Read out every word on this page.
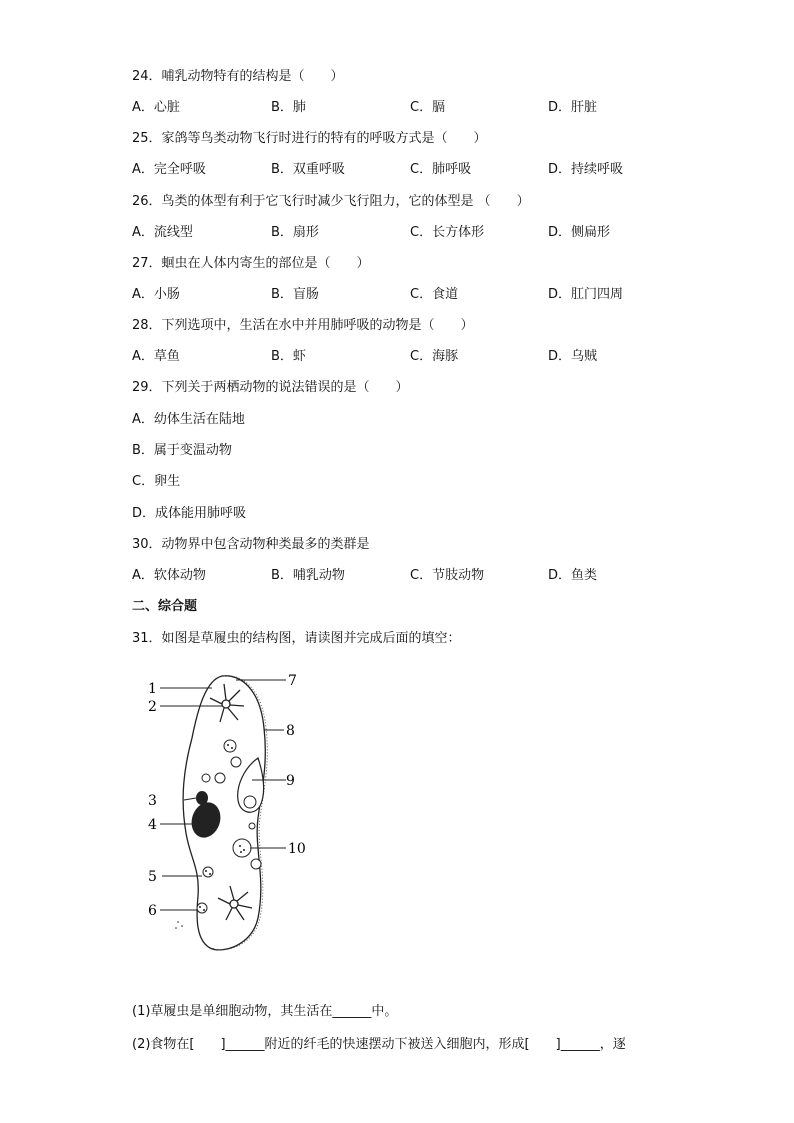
24．哺乳动物特有的结构是（　　）
A．心脏	B．肺	C．膈	D．肝脏
25．家鸽等鸟类动物飞行时进行的特有的呼吸方式是（　　）
A．完全呼吸	B．双重呼吸	C．肺呼吸	D．持续呼吸
26．鸟类的体型有利于它飞行时减少飞行阻力，它的体型是 （　　）
A．流线型	B．扇形	C．长方体形	D．侧扁形
27．蛔虫在人体内寄生的部位是（　　）
A．小肠	B．盲肠	C．食道	D．肛门四周
28．下列选项中，生活在水中并用肺呼吸的动物是（　　）
A．草鱼	B．虾	C．海豚	D．乌贼
29．下列关于两栖动物的说法错误的是（　　）
A．幼体生活在陆地
B．属于变温动物
C．卵生
D．成体能用肺呼吸
30．动物界中包含动物种类最多的类群是
A．软体动物	B．哺乳动物	C．节肢动物	D．鱼类
二、综合题
31．如图是草履虫的结构图，请读图并完成后面的填空：
1
2
3
4
5
6
7
8
9
10
(1)草履虫是单细胞动物，其生活在______中。
(2)食物在[　　]______附近的纤毛的快速摆动下被送入细胞内，形成[　　]______，逐
